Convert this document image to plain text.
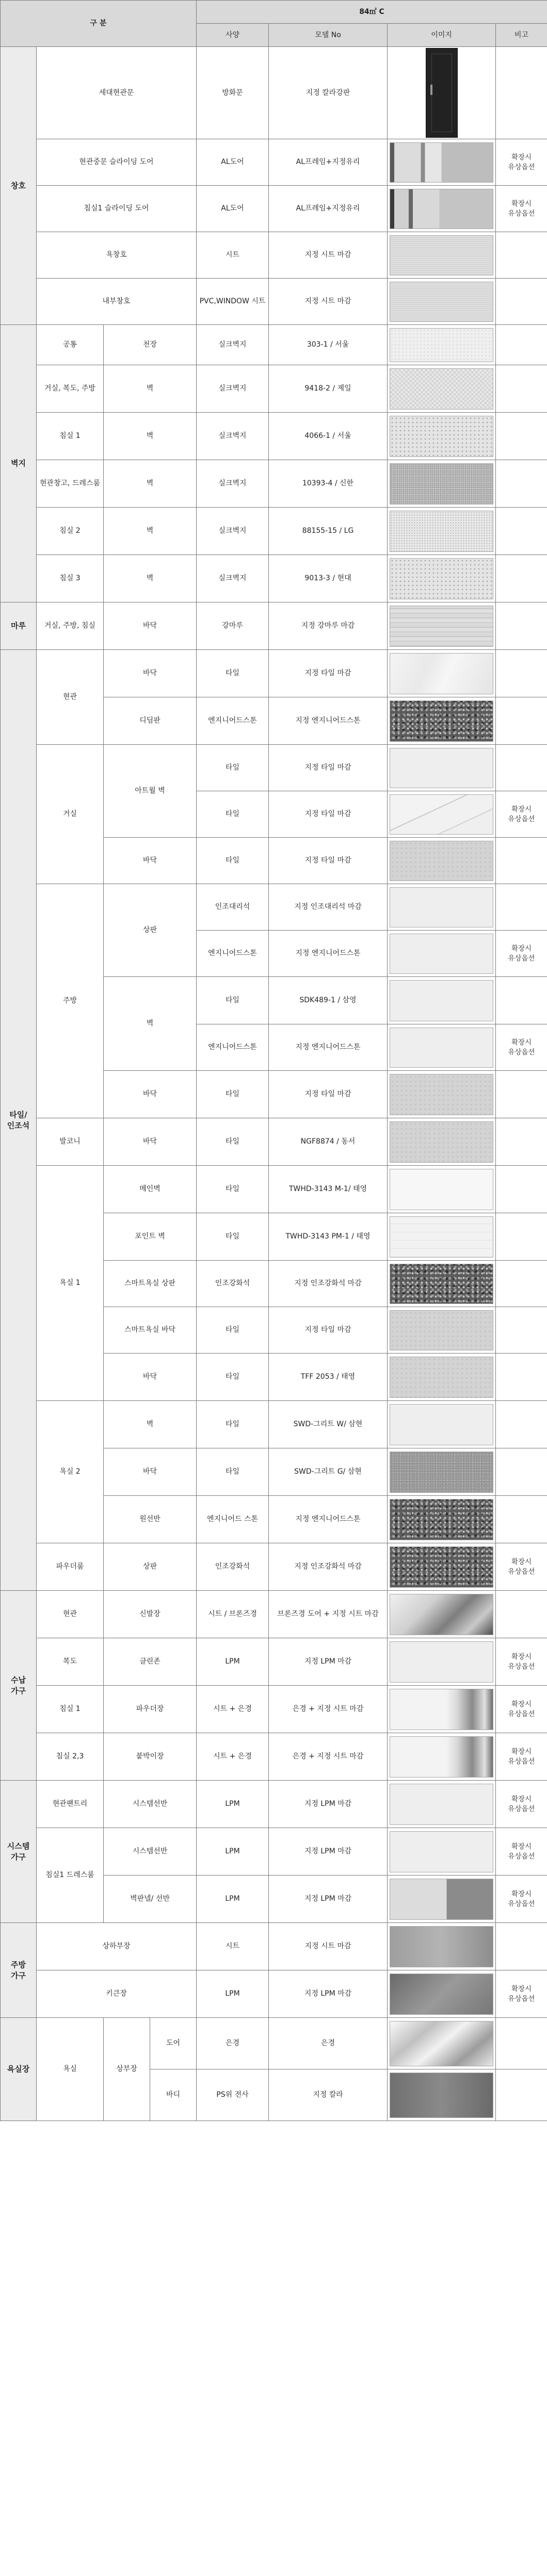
구 분				84㎡ C			
				사양	모델 No	이미지	비고
창호	세대현관문			방화문	지정 칼라강판	

	현관중문 슬라이딩 도어			AL도어	AL프레임+지정유리		확장시 유상옵션
	침실1 슬라이딩 도어			AL도어	AL프레임+지정유리		확장시 유상옵션
	욕창호			시트	지정 시트 마감	

	내부창호			PVC,WINDOW 시트	지정 시트 마감	

벽지	공통	천장		실크벽지	303-1 / 서울	

	거실, 복도, 주방	벽		실크벽지	9418-2 / 제일	

	침실 1	벽		실크벽지	4066-1 / 서울	

	현관창고, 드레스룸	벽		실크벽지	10393-4 / 신한	

	침실 2	벽		실크벽지	88155-15 / LG	

	침실 3	벽		실크벽지	9013-3 / 현대	

마루	거실, 주방, 침실	바닥		강마루	지정 강마루 마감	

타일/ 인조석	현관	바닥		타일	지정 타일 마감	

		디딤판		엔지니어드스톤	지정 엔지니어드스톤	

	거실	아트월 벽		타일	지정 타일 마감	

				타일	지정 타일 마감		확장시 유상옵션
		바닥		타일	지정 타일 마감	

	주방	상판		인조대리석	지정 인조대리석 마감	

				엔지니어드스톤	지정 엔지니어드스톤		확장시 유상옵션
		벽		타일	SDK489-1 / 삼영	

				엔지니어드스톤	지정 엔지니어드스톤		확장시 유상옵션
		바닥		타일	지정 타일 마감	

	발코니	바닥		타일	NGF8874 / 동서	

	욕실 1	메인벽		타일	TWHD-3143 M-1/ 태영	

		포인트 벽		타일	TWHD-3143 PM-1 / 태영	

		스마트욕실 상판		인조강화석	지정 인조강화석 마감	

		스마트욕실 바닥		타일	지정 타일 마감	

		바닥		타일	TFF 2053 / 태영	

	욕실 2	벽		타일	SWD-그리트 W/ 삼현	

		바닥		타일	SWD-그리트 G/ 삼현	

		원선반		엔지니어드 스톤	지정 엔지니어드스톤	

	파우더룸	상판		인조강화석	지정 인조강화석 마감		확장시 유상옵션
수납 가구	현관	신발장		시트 / 브론즈경	브론즈경 도어 + 지정 시트 마감	

	복도	클린존		LPM	지정 LPM 마감		확장시 유상옵션
	침실 1	파우더장		시트 + 은경	은경 + 지정 시트 마감		확장시 유상옵션
	침실 2,3	붙박이장		시트 + 은경	은경 + 지정 시트 마감		확장시 유상옵션
시스템 가구	현관팬트리	시스템선반		LPM	지정 LPM 마감		확장시 유상옵션
	침실1 드레스룸	시스템선반		LPM	지정 LPM 마감		확장시 유상옵션
		벽판넬/ 선반		LPM	지정 LPM 마감		확장시 유상옵션
주방 가구	상하부장			시트	지정 시트 마감	

	키큰장			LPM	지정 LPM 마감		확장시 유상옵션
욕실장	욕실	상부장	도어	은경	은경	

			바디	PS위 전사	지정 칼라	
